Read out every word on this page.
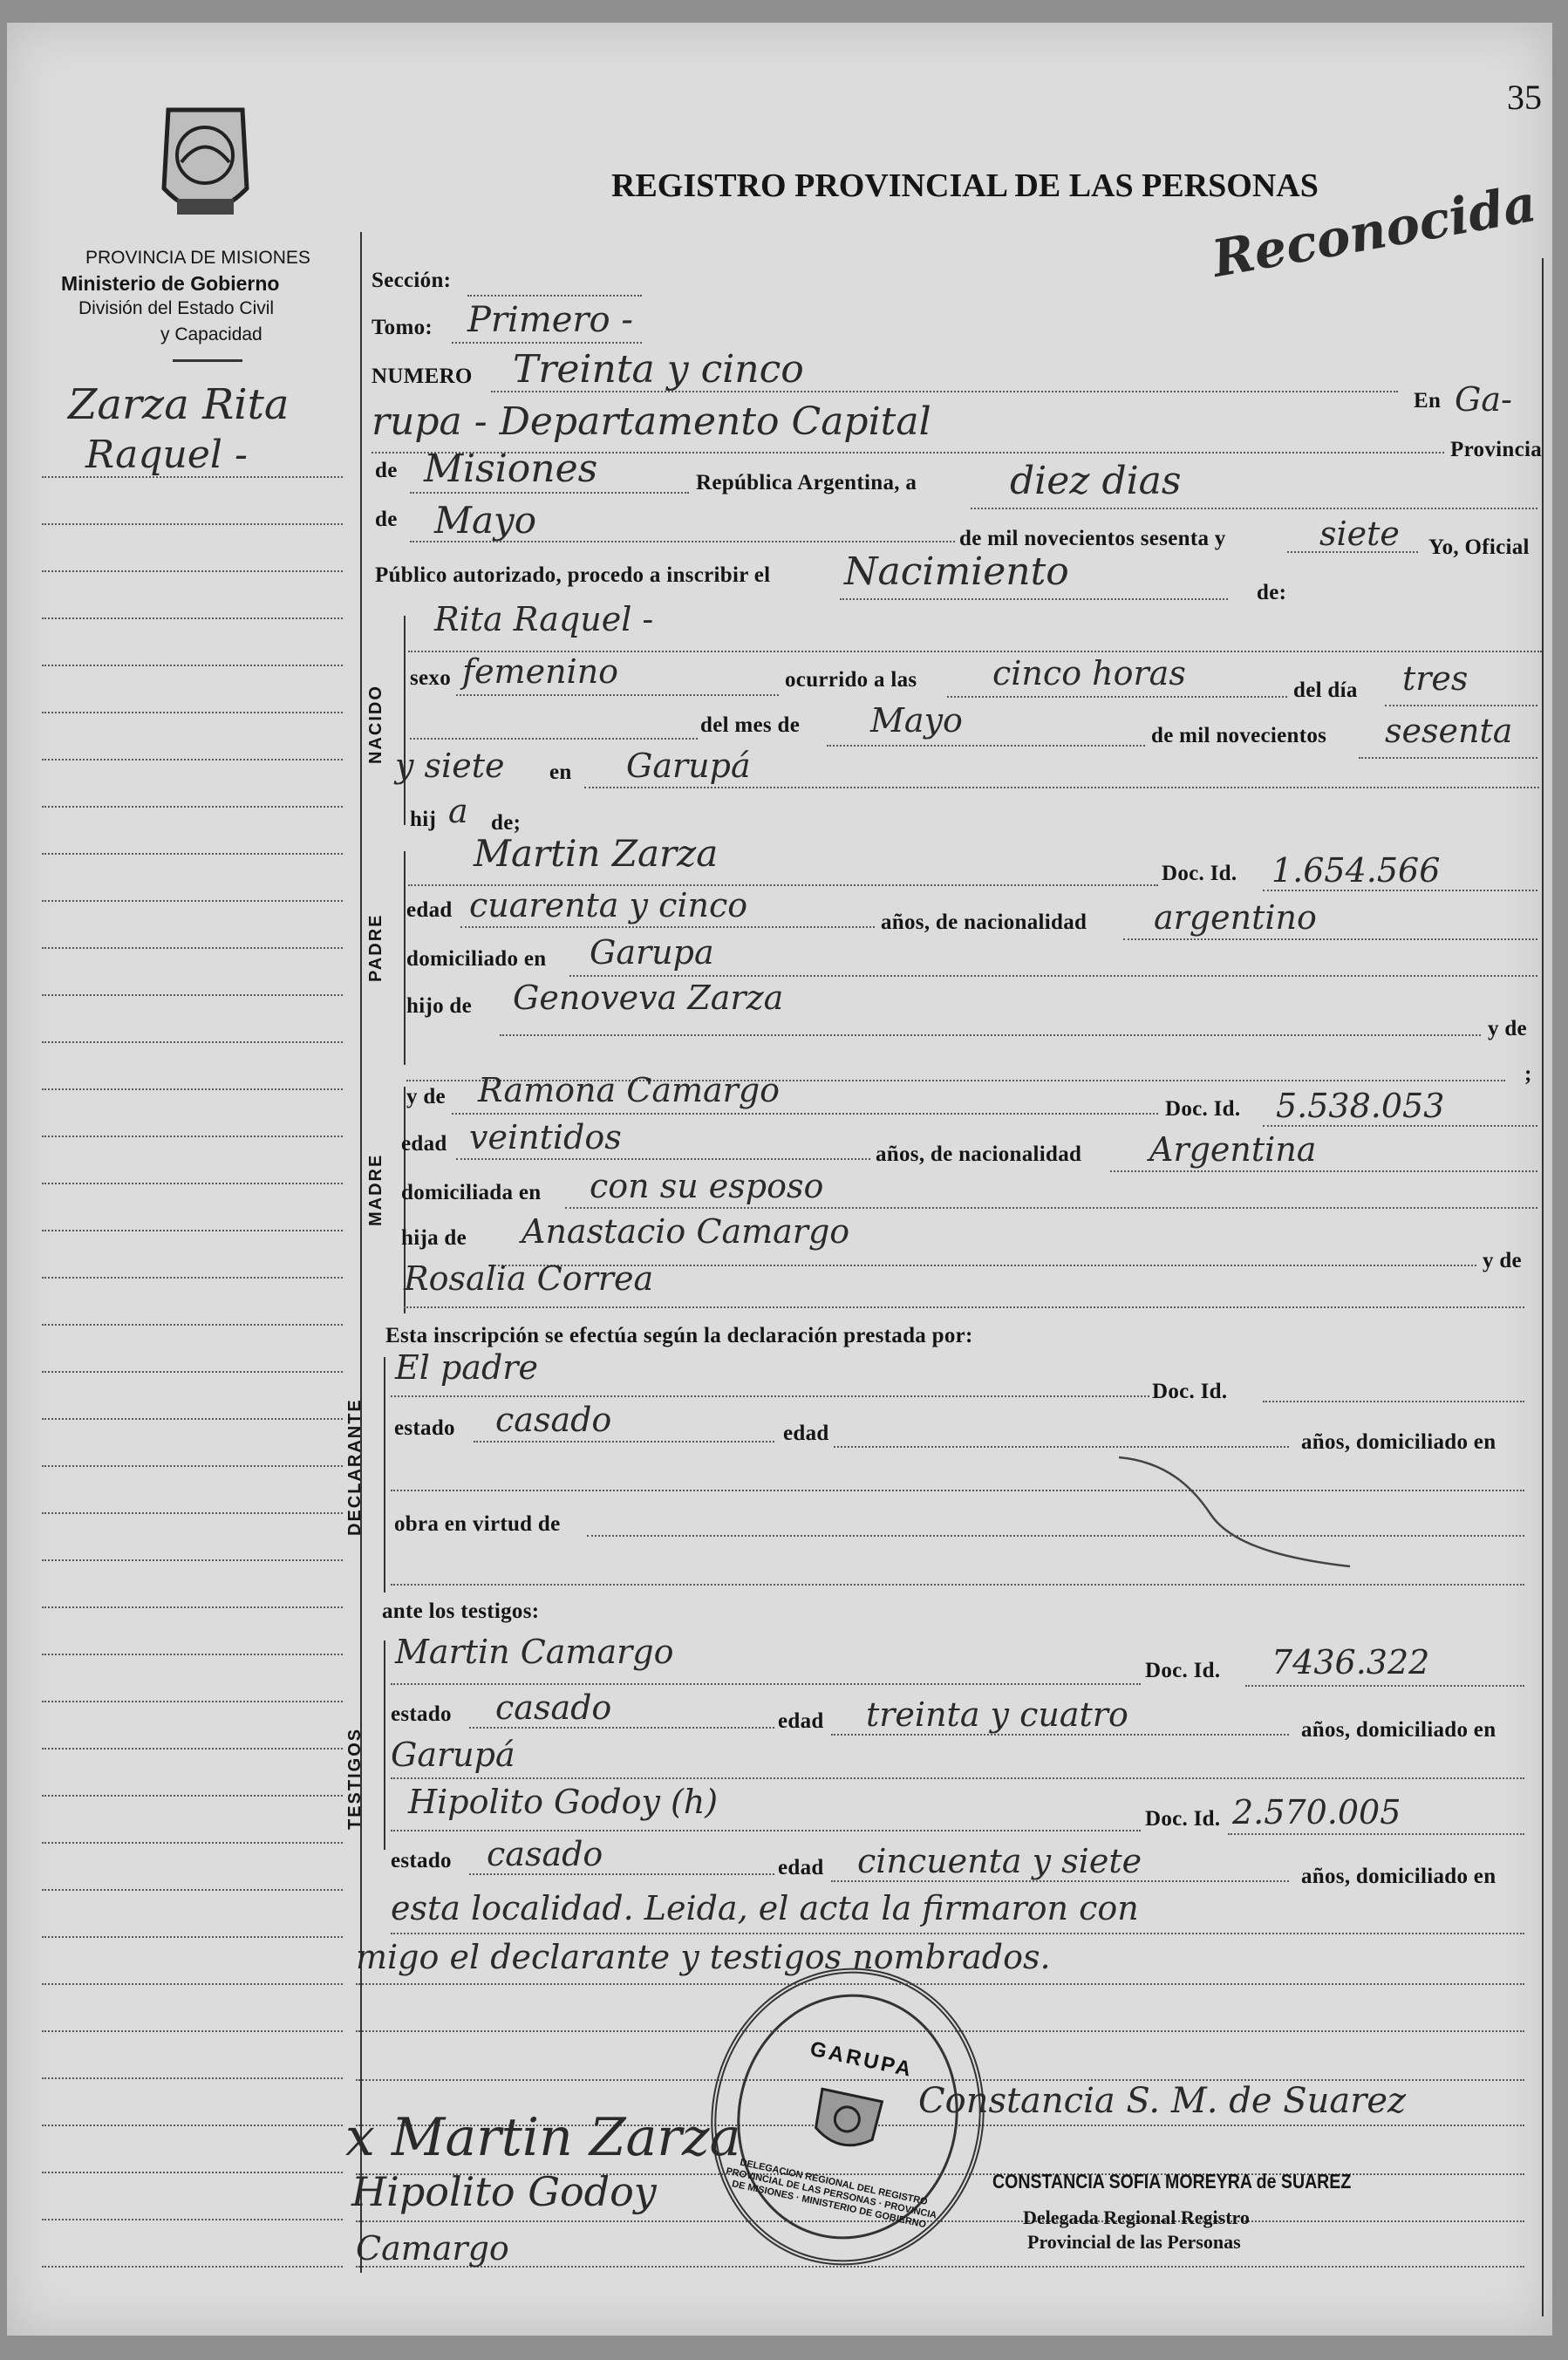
35
PROVINCIA DE MISIONES
Ministerio de Gobierno
División del Estado Civil
y Capacidad
REGISTRO PROVINCIAL DE LAS PERSONAS
Reconocida
Zarza Rita
Raquel -
Sección:
Tomo: Primero -
NUMERO Treinta y cinco
En Ga-
rupa - Departamento Capital
Provincia
de Misiones	República Argentina, a diez dias
de Mayo	de mil novecientos sesenta y	siete Yo, Oficial
Público autorizado, procedo a inscribir el Nacimiento	de:
NACIDO
Rita Raquel -
sexo femenino	ocurrido a las cinco horas	del día tres
del mes de Mayo	de mil novecientos sesenta
y siete en Garupá
hij a de;
PADRE
Martin Zarza	Doc. Id. 1.654.566
edad cuarenta y cinco	años, de nacionalidad argentino
domiciliado en Garupa
hijo de Genoveva Zarza
y de
;
MADRE
y de Ramona Camargo	Doc. Id. 5.538.053
edad veintidos	años, de nacionalidad Argentina
domiciliada en con su esposo
hija de Anastacio Camargo
y de
Rosalia Correa
Esta inscripción se efectúa según la declaración prestada por:
DECLARANTE
El padre
Doc. Id.
estado casado	edad	años, domiciliado en
obra en virtud de
ante los testigos:
TESTIGOS
Martin Camargo	Doc. Id. 7436.322
estado casado	edad treinta y cuatro	años, domiciliado en
Garupá
Hipolito Godoy (h)	Doc. Id. 2.570.005
estado casado	edad cincuenta y siete	años, domiciliado en
esta localidad. Leida, el acta la firmaron con
migo el declarante y testigos nombrados.
GARUPA
DELEGACION REGIONAL DEL REGISTRO PROVINCIAL DE LAS PERSONAS · PROVINCIA DE MISIONES · MINISTERIO DE GOBIERNO
x Martin Zarza
Hipolito Godoy
Camargo
Constancia S. M. de Suarez
CONSTANCIA SOFIA MOREYRA de SUAREZ
Delegada Regional Registro
Provincial de las Personas
